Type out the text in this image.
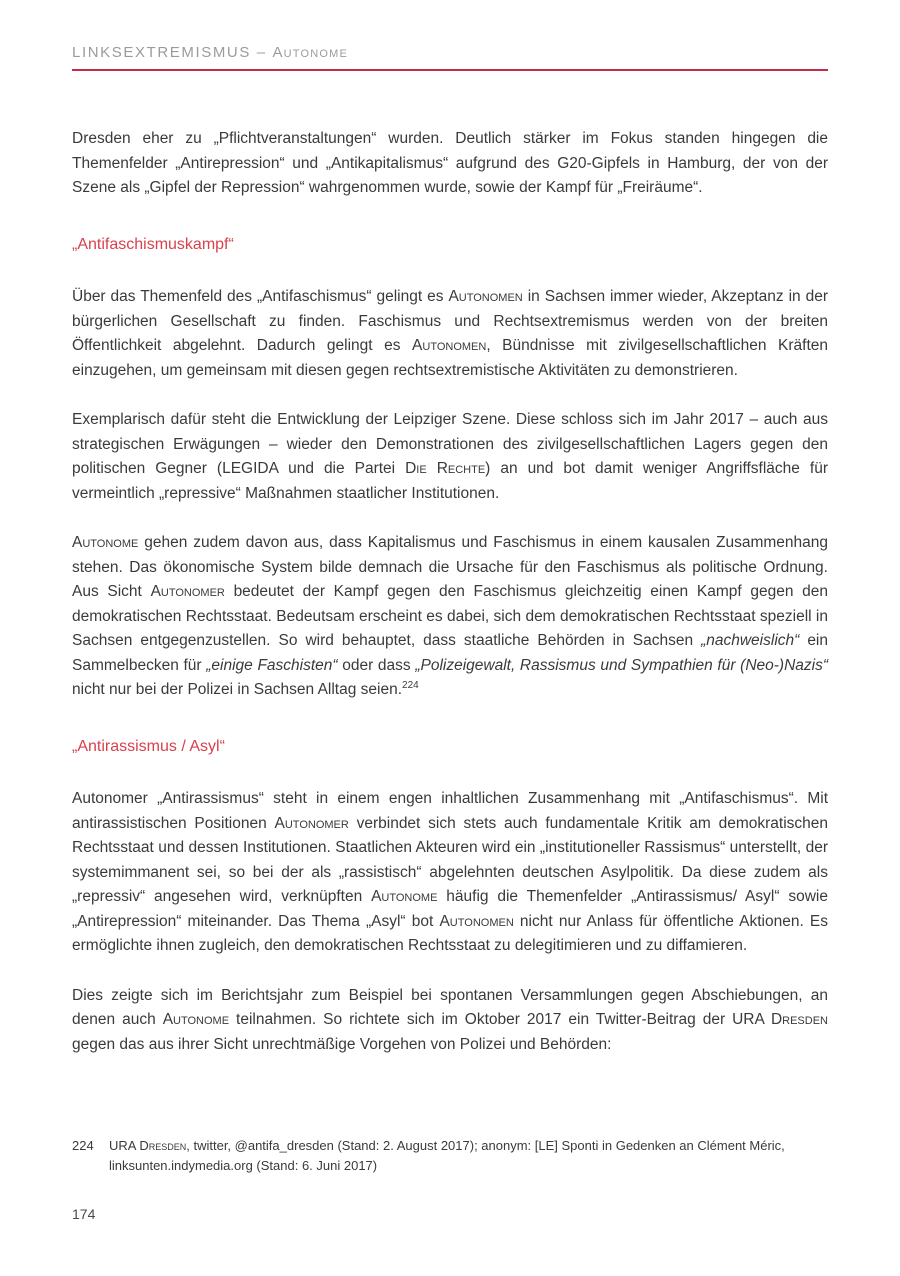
LINKSEXTREMISMUS – Autonome

Dresden eher zu „Pflichtveranstaltungen“ wurden. Deutlich stärker im Fokus standen hingegen die Themenfelder „Antirepression“ und „Antikapitalismus“ aufgrund des G20-Gipfels in Hamburg, der von der Szene als „Gipfel der Repression“ wahrgenommen wurde, sowie der Kampf für „Freiräume“.

„Antifaschismuskampf“

Über das Themenfeld des „Antifaschismus“ gelingt es Autonomen in Sachsen immer wieder, Akzeptanz in der bürgerlichen Gesellschaft zu finden. Faschismus und Rechtsextremismus werden von der breiten Öffentlichkeit abgelehnt. Dadurch gelingt es Autonomen, Bündnisse mit zivilgesellschaftlichen Kräften einzugehen, um gemeinsam mit diesen gegen rechtsextremistische Aktivitäten zu demonstrieren.

Exemplarisch dafür steht die Entwicklung der Leipziger Szene. Diese schloss sich im Jahr 2017 – auch aus strategischen Erwägungen – wieder den Demonstrationen des zivilgesellschaftlichen Lagers gegen den politischen Gegner (LEGIDA und die Partei Die Rechte) an und bot damit weniger Angriffsfläche für vermeintlich „repressive“ Maßnahmen staatlicher Institutionen.

Autonome gehen zudem davon aus, dass Kapitalismus und Faschismus in einem kausalen Zusammenhang stehen. Das ökonomische System bilde demnach die Ursache für den Faschismus als politische Ordnung. Aus Sicht Autonomer bedeutet der Kampf gegen den Faschismus gleichzeitig einen Kampf gegen den demokratischen Rechtsstaat. Bedeutsam erscheint es dabei, sich dem demokratischen Rechtsstaat speziell in Sachsen entgegenzustellen. So wird behauptet, dass staatliche Behörden in Sachsen „nachweislich“ ein Sammelbecken für „einige Faschisten“ oder dass „Polizeigewalt, Rassismus und Sympathien für (Neo-)Nazis“ nicht nur bei der Polizei in Sachsen Alltag seien.$^{224}$

„Antirassismus / Asyl“

Autonomer „Antirassismus“ steht in einem engen inhaltlichen Zusammenhang mit „Antifaschismus“. Mit antirassistischen Positionen Autonomer verbindet sich stets auch fundamentale Kritik am demokratischen Rechtsstaat und dessen Institutionen. Staatlichen Akteuren wird ein „institutioneller Rassismus“ unterstellt, der systemimmanent sei, so bei der als „rassistisch“ abgelehnten deutschen Asylpolitik. Da diese zudem als „repressiv“ angesehen wird, verknüpften Autonome häufig die Themenfelder „Antirassismus/ Asyl“ sowie „Antirepression“ miteinander. Das Thema „Asyl“ bot Autonomen nicht nur Anlass für öffentliche Aktionen. Es ermöglichte ihnen zugleich, den demokratischen Rechtsstaat zu delegitimieren und zu diffamieren.

Dies zeigte sich im Berichtsjahr zum Beispiel bei spontanen Versammlungen gegen Abschiebungen, an denen auch Autonome teilnahmen. So richtete sich im Oktober 2017 ein Twitter-Beitrag der URA Dresden gegen das aus ihrer Sicht unrechtmäßige Vorgehen von Polizei und Behörden:

224	URA Dresden, twitter, @antifa_dresden (Stand: 2. August 2017); anonym: [LE] Sponti in Gedenken an Clément Méric, linksunten.indymedia.org (Stand: 6. Juni 2017)
174
